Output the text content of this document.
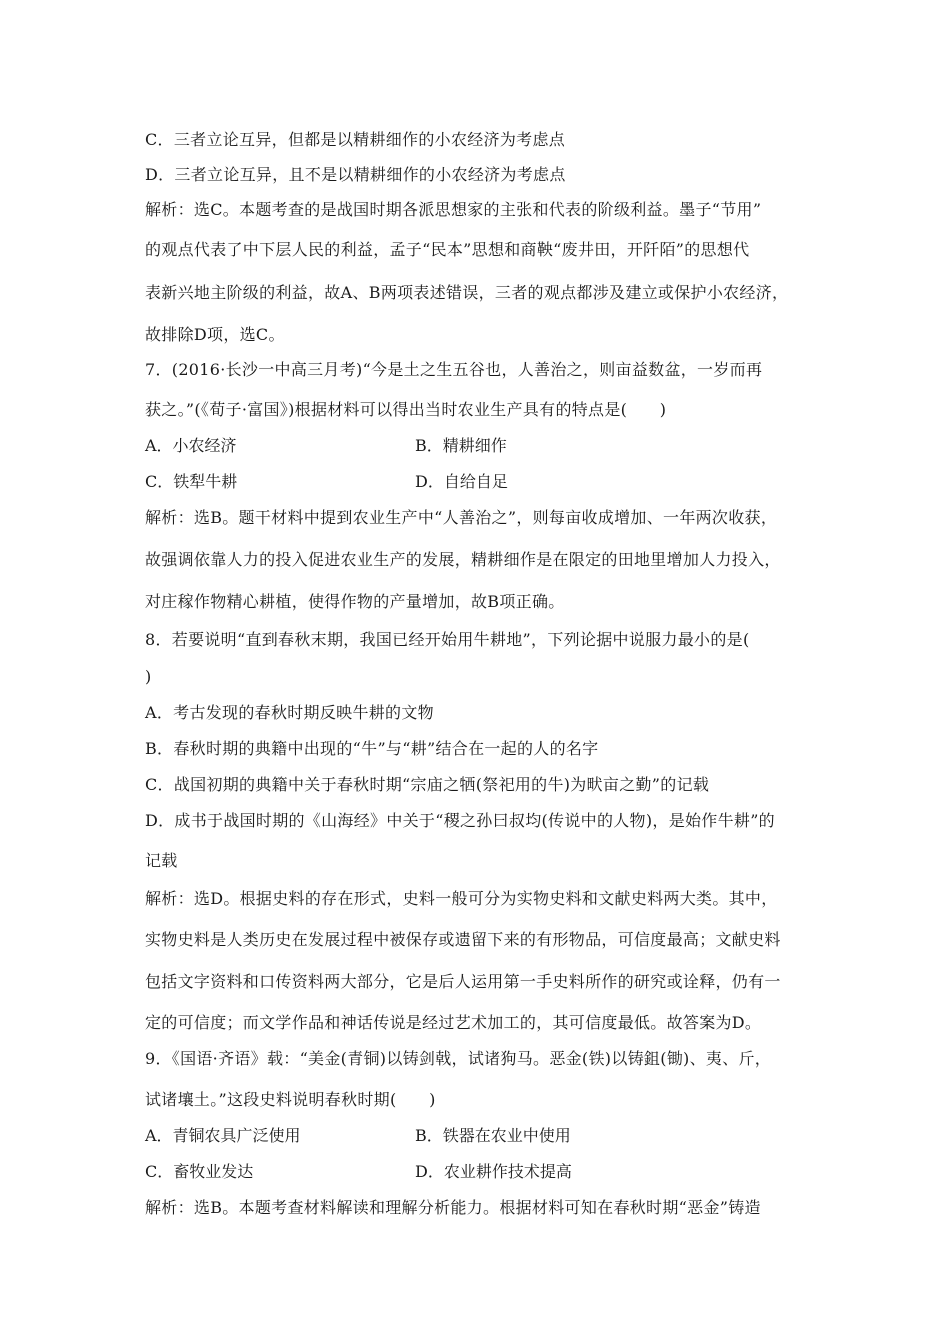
C．三者立论互异，但都是以精耕细作的小农经济为考虑点
D．三者立论互异，且不是以精耕细作的小农经济为考虑点
解析：选C。本题考查的是战国时期各派思想家的主张和代表的阶级利益。墨子“节用”
的观点代表了中下层人民的利益，孟子“民本”思想和商鞅“废井田，开阡陌”的思想代
表新兴地主阶级的利益，故A、B两项表述错误，三者的观点都涉及建立或保护小农经济，
故排除D项，选C。
7．(2016·长沙一中高三月考)“今是土之生五谷也，人善治之，则亩益数盆，一岁而再
获之。”(《荀子·富国》)根据材料可以得出当时农业生产具有的特点是(　　)
A．小农经济	B．精耕细作
C．铁犁牛耕	D．自给自足
解析：选B。题干材料中提到农业生产中“人善治之”，则每亩收成增加、一年两次收获，
故强调依靠人力的投入促进农业生产的发展，精耕细作是在限定的田地里增加人力投入，
对庄稼作物精心耕植，使得作物的产量增加，故B项正确。
8．若要说明“直到春秋末期，我国已经开始用牛耕地”，下列论据中说服力最小的是(
)
A．考古发现的春秋时期反映牛耕的文物
B．春秋时期的典籍中出现的“牛”与“耕”结合在一起的人的名字
C．战国初期的典籍中关于春秋时期“宗庙之牺(祭祀用的牛)为畎亩之勤”的记载
D．成书于战国时期的《山海经》中关于“稷之孙曰叔均(传说中的人物)，是始作牛耕”的
记载
解析：选D。根据史料的存在形式，史料一般可分为实物史料和文献史料两大类。其中，
实物史料是人类历史在发展过程中被保存或遗留下来的有形物品，可信度最高；文献史料
包括文字资料和口传资料两大部分，它是后人运用第一手史料所作的研究或诠释，仍有一
定的可信度；而文学作品和神话传说是经过艺术加工的，其可信度最低。故答案为D。
9．《国语·齐语》载：“美金(青铜)以铸剑戟，试诸狗马。恶金(铁)以铸鉏(锄)、夷、斤，
试诸壤土。”这段史料说明春秋时期(　　)
A．青铜农具广泛使用	B．铁器在农业中使用
C．畜牧业发达	D．农业耕作技术提高
解析：选B。本题考查材料解读和理解分析能力。根据材料可知在春秋时期“恶金”铸造
